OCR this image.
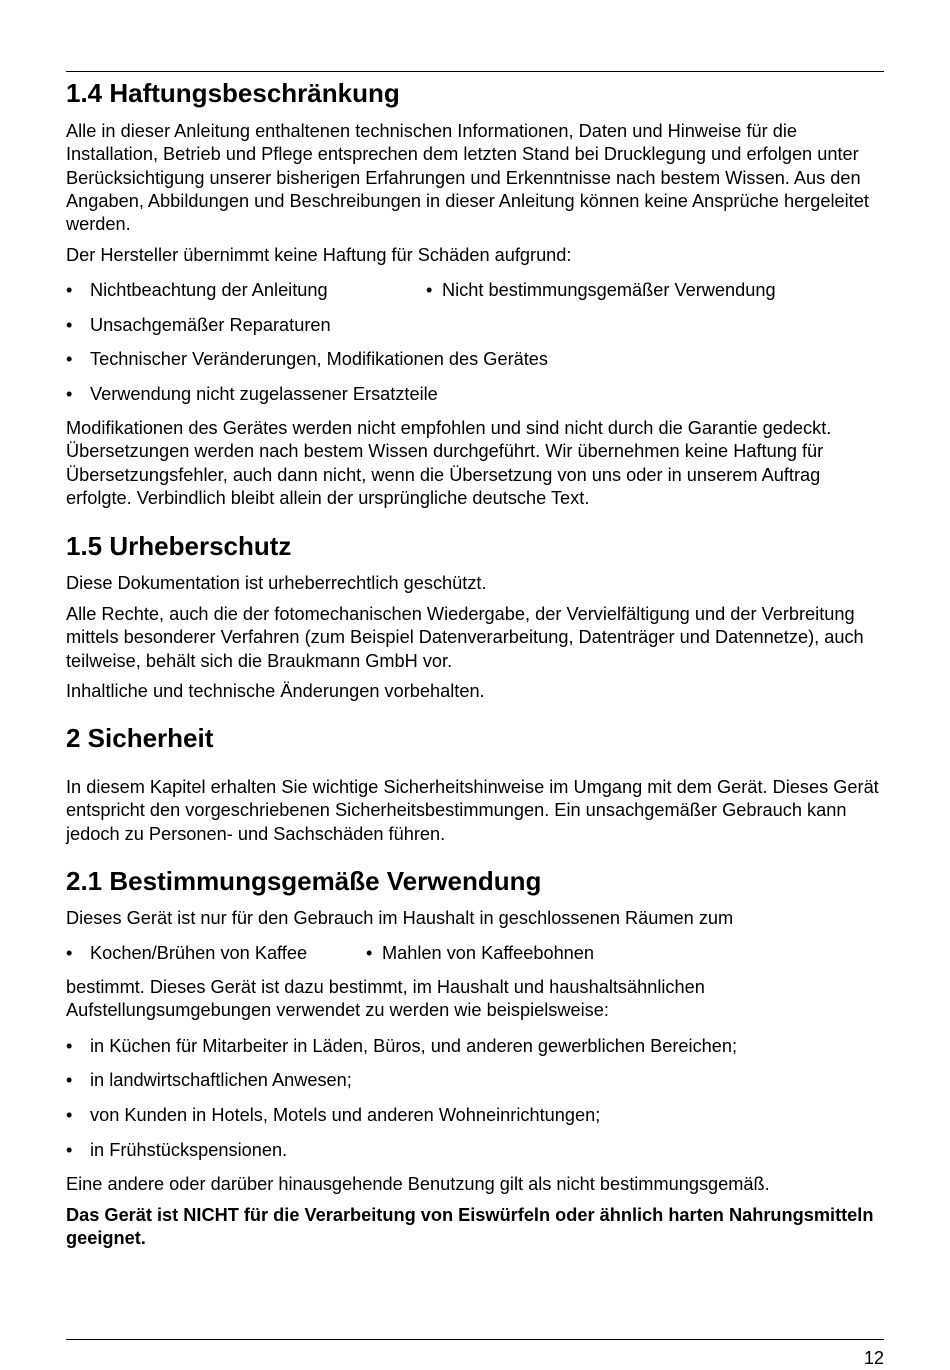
1.4 Haftungsbeschränkung

Alle in dieser Anleitung enthaltenen technischen Informationen, Daten und Hinweise für die Installation, Betrieb und Pflege entsprechen dem letzten Stand bei Drucklegung und erfolgen unter Berücksichtigung unserer bisherigen Erfahrungen und Erkenntnisse nach bestem Wissen. Aus den Angaben, Abbildungen und Beschreibungen in dieser Anleitung können keine Ansprüche hergeleitet werden.

Der Hersteller übernimmt keine Haftung für Schäden aufgrund:

• Nichtbeachtung der Anleitung	• Nicht bestimmungsgemäßer Verwendung
• Unsachgemäßer Reparaturen
• Technischer Veränderungen, Modifikationen des Gerätes
• Verwendung nicht zugelassener Ersatzteile

Modifikationen des Gerätes werden nicht empfohlen und sind nicht durch die Garantie gedeckt. Übersetzungen werden nach bestem Wissen durchgeführt. Wir übernehmen keine Haftung für Übersetzungsfehler, auch dann nicht, wenn die Übersetzung von uns oder in unserem Auftrag erfolgte. Verbindlich bleibt allein der ursprüngliche deutsche Text.

1.5 Urheberschutz

Diese Dokumentation ist urheberrechtlich geschützt.

Alle Rechte, auch die der fotomechanischen Wiedergabe, der Vervielfältigung und der Verbreitung mittels besonderer Verfahren (zum Beispiel Datenverarbeitung, Datenträger und Datennetze), auch teilweise, behält sich die Braukmann GmbH vor.

Inhaltliche und technische Änderungen vorbehalten.

2 Sicherheit

In diesem Kapitel erhalten Sie wichtige Sicherheitshinweise im Umgang mit dem Gerät. Dieses Gerät entspricht den vorgeschriebenen Sicherheitsbestimmungen. Ein unsachgemäßer Gebrauch kann jedoch zu Personen- und Sachschäden führen.

2.1 Bestimmungsgemäße Verwendung

Dieses Gerät ist nur für den Gebrauch im Haushalt in geschlossenen Räumen zum

• Kochen/Brühen von Kaffee	• Mahlen von Kaffeebohnen

bestimmt. Dieses Gerät ist dazu bestimmt, im Haushalt und haushaltsähnlichen Aufstellungsumgebungen verwendet zu werden wie beispielsweise:

• in Küchen für Mitarbeiter in Läden, Büros, und anderen gewerblichen Bereichen;
• in landwirtschaftlichen Anwesen;
• von Kunden in Hotels, Motels und anderen Wohneinrichtungen;
• in Frühstückspensionen.

Eine andere oder darüber hinausgehende Benutzung gilt als nicht bestimmungsgemäß.

Das Gerät ist NICHT für die Verarbeitung von Eiswürfeln oder ähnlich harten Nahrungsmitteln geeignet.

12
